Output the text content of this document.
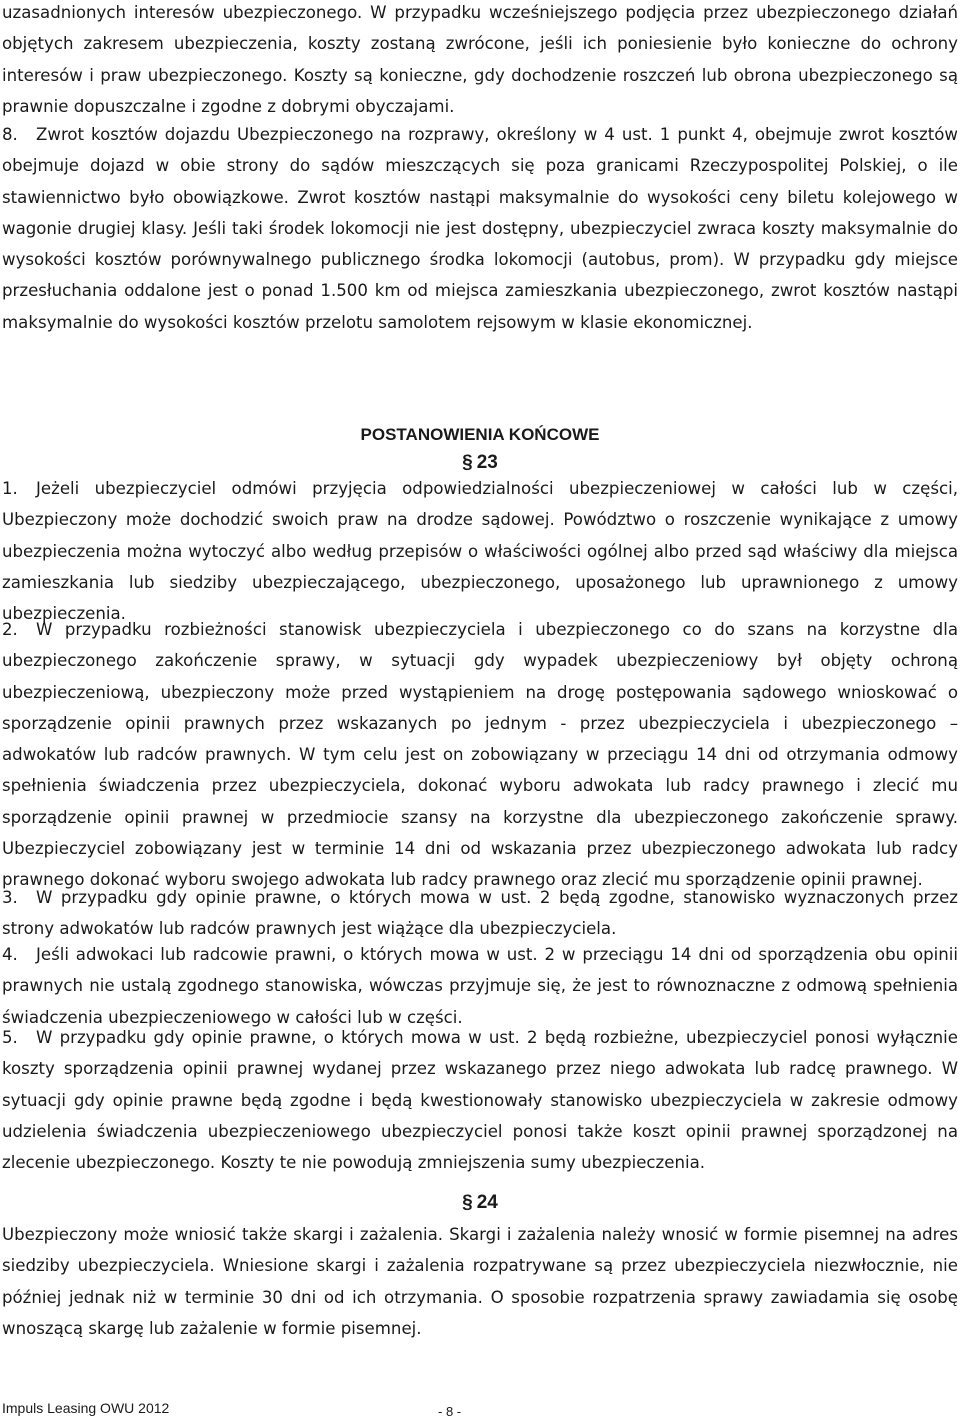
uzasadnionych interesów ubezpieczonego. W przypadku wcześniejszego podjęcia przez ubezpieczonego działań objętych zakresem ubezpieczenia, koszty zostaną zwrócone, jeśli ich poniesienie było konieczne do ochrony interesów i praw ubezpieczonego. Koszty są konieczne, gdy dochodzenie roszczeń lub obrona ubezpieczonego są prawnie dopuszczalne i zgodne z dobrymi obyczajami.

8. Zwrot kosztów dojazdu Ubezpieczonego na rozprawy, określony w 4 ust. 1 punkt 4, obejmuje zwrot kosztów obejmuje dojazd w obie strony do sądów mieszczących się poza granicami Rzeczypospolitej Polskiej, o ile stawiennictwo było obowiązkowe. Zwrot kosztów nastąpi maksymalnie do wysokości ceny biletu kolejowego w wagonie drugiej klasy. Jeśli taki środek lokomocji nie jest dostępny, ubezpieczyciel zwraca koszty maksymalnie do wysokości kosztów porównywalnego publicznego środka lokomocji (autobus, prom). W przypadku gdy miejsce przesłuchania oddalone jest o ponad 1.500 km od miejsca zamieszkania ubezpieczonego, zwrot kosztów nastąpi maksymalnie do wysokości kosztów przelotu samolotem rejsowym w klasie ekonomicznej.

POSTANOWIENIA KOŃCOWE
§ 23

1. Jeżeli ubezpieczyciel odmówi przyjęcia odpowiedzialności ubezpieczeniowej w całości lub w części, Ubezpieczony może dochodzić swoich praw na drodze sądowej. Powództwo o roszczenie wynikające z umowy ubezpieczenia można wytoczyć albo według przepisów o właściwości ogólnej albo przed sąd właściwy dla miejsca zamieszkania lub siedziby ubezpieczającego, ubezpieczonego, uposażonego lub uprawnionego z umowy ubezpieczenia.

2. W przypadku rozbieżności stanowisk ubezpieczyciela i ubezpieczonego co do szans na korzystne dla ubezpieczonego zakończenie sprawy, w sytuacji gdy wypadek ubezpieczeniowy był objęty ochroną ubezpieczeniową, ubezpieczony może przed wystąpieniem na drogę postępowania sądowego wnioskować o sporządzenie opinii prawnych przez wskazanych po jednym - przez ubezpieczyciela i ubezpieczonego – adwokatów lub radców prawnych. W tym celu jest on zobowiązany w przeciągu 14 dni od otrzymania odmowy spełnienia świadczenia przez ubezpieczyciela, dokonać wyboru adwokata lub radcy prawnego i zlecić mu sporządzenie opinii prawnej w przedmiocie szansy na korzystne dla ubezpieczonego zakończenie sprawy. Ubezpieczyciel zobowiązany jest w terminie 14 dni od wskazania przez ubezpieczonego adwokata lub radcy prawnego dokonać wyboru swojego adwokata lub radcy prawnego oraz zlecić mu sporządzenie opinii prawnej.

3. W przypadku gdy opinie prawne, o których mowa w ust. 2 będą zgodne, stanowisko wyznaczonych przez strony adwokatów lub radców prawnych jest wiążące dla ubezpieczyciela.

4. Jeśli adwokaci lub radcowie prawni, o których mowa w ust. 2 w przeciągu 14 dni od sporządzenia obu opinii prawnych nie ustalą zgodnego stanowiska, wówczas przyjmuje się, że jest to równoznaczne z odmową spełnienia świadczenia ubezpieczeniowego w całości lub w części.

5. W przypadku gdy opinie prawne, o których mowa w ust. 2 będą rozbieżne, ubezpieczyciel ponosi wyłącznie koszty sporządzenia opinii prawnej wydanej przez wskazanego przez niego adwokata lub radcę prawnego. W sytuacji gdy opinie prawne będą zgodne i będą kwestionowały stanowisko ubezpieczyciela w zakresie odmowy udzielenia świadczenia ubezpieczeniowego ubezpieczyciel ponosi także koszt opinii prawnej sporządzonej na zlecenie ubezpieczonego. Koszty te nie powodują zmniejszenia sumy ubezpieczenia.

§ 24

Ubezpieczony może wniosić także skargi i zażalenia. Skargi i zażalenia należy wnosić w formie pisemnej na adres siedziby ubezpieczyciela. Wniesione skargi i zażalenia rozpatrywane są przez ubezpieczyciela niezwłocznie, nie później jednak niż w terminie 30 dni od ich otrzymania. O sposobie rozpatrzenia sprawy zawiadamia się osobę wnoszącą skargę lub zażalenie w formie pisemnej.

Impuls Leasing OWU 2012	- 8 -
